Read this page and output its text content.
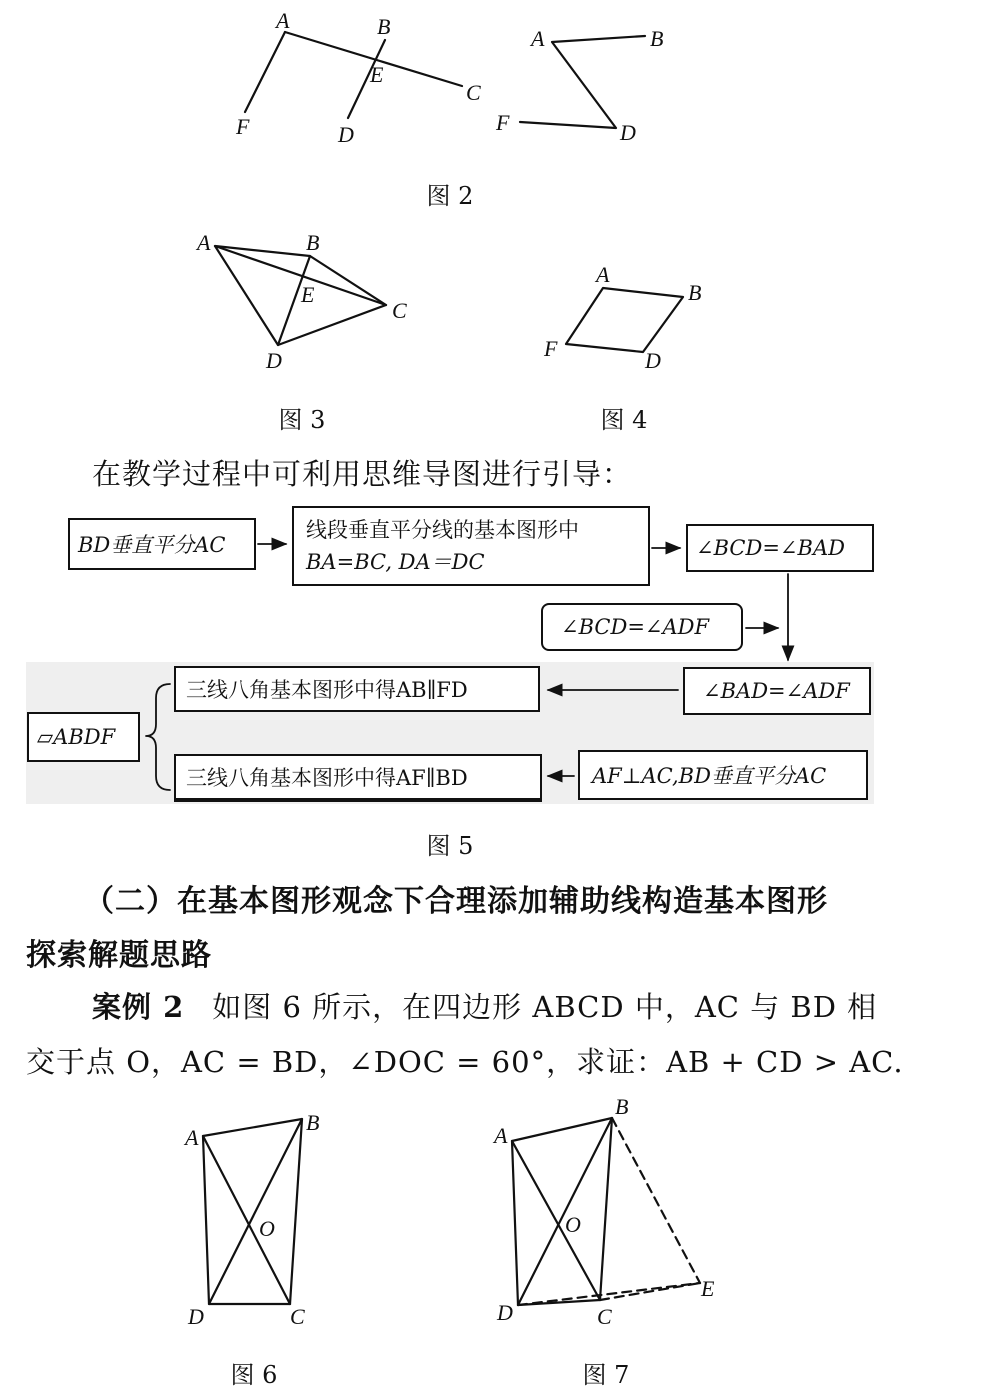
A	B
E
C
F	D
A	B
F	D
图 2
A	B
E
C
D
图 3
A
B
F	D
图 4
在教学过程中可利用思维导图进行引导：
BD垂直平分AC
线段垂直平分线的基本图形中
BA=BC, DA＝DC
∠BCD=∠BAD
∠BCD=∠ADF
∠BAD=∠ADF
三线八角基本图形中得AB∥FD
▱ABDF
三线八角基本图形中得AF∥BD	AF⊥AC,BD垂直平分AC
图 5
（二）在基本图形观念下合理添加辅助线构造基本图形
探索解题思路
案例 2 如图 6 所示，在四边形 ABCD 中，AC 与 BD 相
交于点 O，AC = BD，∠DOC = 60°，求证：AB + CD > AC.
A
B
O
D	C
图 6
A
B
O
D	C
E
图 7
